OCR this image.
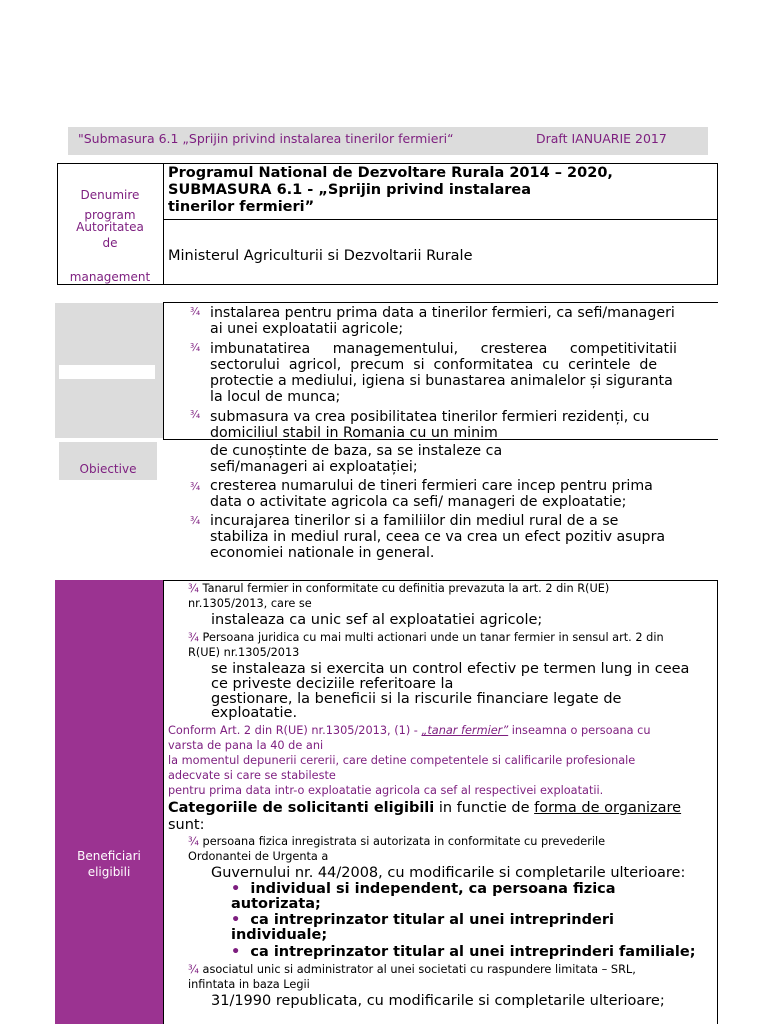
"Submasura 6.1 „Sprijin privind instalarea tinerilor fermieri“	Draft IANUARIE 2017
Denumire
program
Programul National de Dezvoltare Rurala 2014 – 2020,
SUBMASURA 6.1 - „Sprijin privind instalarea
tinerilor fermieri”
Autoritatea
de
management
Ministerul Agriculturii si Dezvoltarii Rurale
Obiective
¾
¾
¾
¾
¾
instalarea pentru prima data a tinerilor fermieri, ca sefi/manageri
ai unei exploatatii agricole;
imbunatatirea     managementului,     cresterea     competitivitatii
sectorului  agricol,  precum  si  conformitatea  cu  cerintele  de
protectie a mediului, igiena si bunastarea animalelor și siguranta
la locul de munca;
submasura va crea posibilitatea tinerilor fermieri rezidenți, cu
domiciliul stabil in Romania cu un minim
de cunoștinte de baza, sa se instaleze ca
sefi/manageri ai exploatației;
cresterea numarului de tineri fermieri care incep pentru prima
data o activitate agricola ca sefi/ manageri de exploatatie;
incurajarea tinerilor si a familiilor din mediul rural de a se
stabiliza in mediul rural, ceea ce va crea un efect pozitiv asupra
economiei nationale in general.
Beneficiari
eligibili
¾ Tanarul fermier in conformitate cu definitia prevazuta la art. 2 din R(UE)
nr.1305/2013, care se
instaleaza ca unic sef al exploatatiei agricole;
¾ Persoana juridica cu mai multi actionari unde un tanar fermier in sensul art. 2 din
R(UE) nr.1305/2013
se instaleaza si exercita un control efectiv pe termen lung in ceea
ce priveste deciziile referitoare la
gestionare, la beneficii si la riscurile financiare legate de
exploatatie.
Conform Art. 2 din R(UE) nr.1305/2013, (1) - „tanar fermier” inseamna o persoana cu
varsta de pana la 40 de ani
la momentul depunerii cererii, care detine competentele si calificarile profesionale
adecvate si care se stabileste
pentru prima data intr-o exploatatie agricola ca sef al respectivei exploatatii.
Categoriile de solicitanti eligibili in functie de forma de organizare
sunt:
¾ persoana fizica inregistrata si autorizata in conformitate cu prevederile
Ordonantei de Urgenta a
Guvernului nr. 44/2008, cu modificarile si completarile ulterioare:
• individual si independent, ca persoana fizica
autorizata;
• ca intreprinzator titular al unei intreprinderi
individuale;
• ca intreprinzator titular al unei intreprinderi familiale;
¾ asociatul unic si administrator al unei societati cu raspundere limitata – SRL,
infintata in baza Legii
31/1990 republicata, cu modificarile si completarile ulterioare;
